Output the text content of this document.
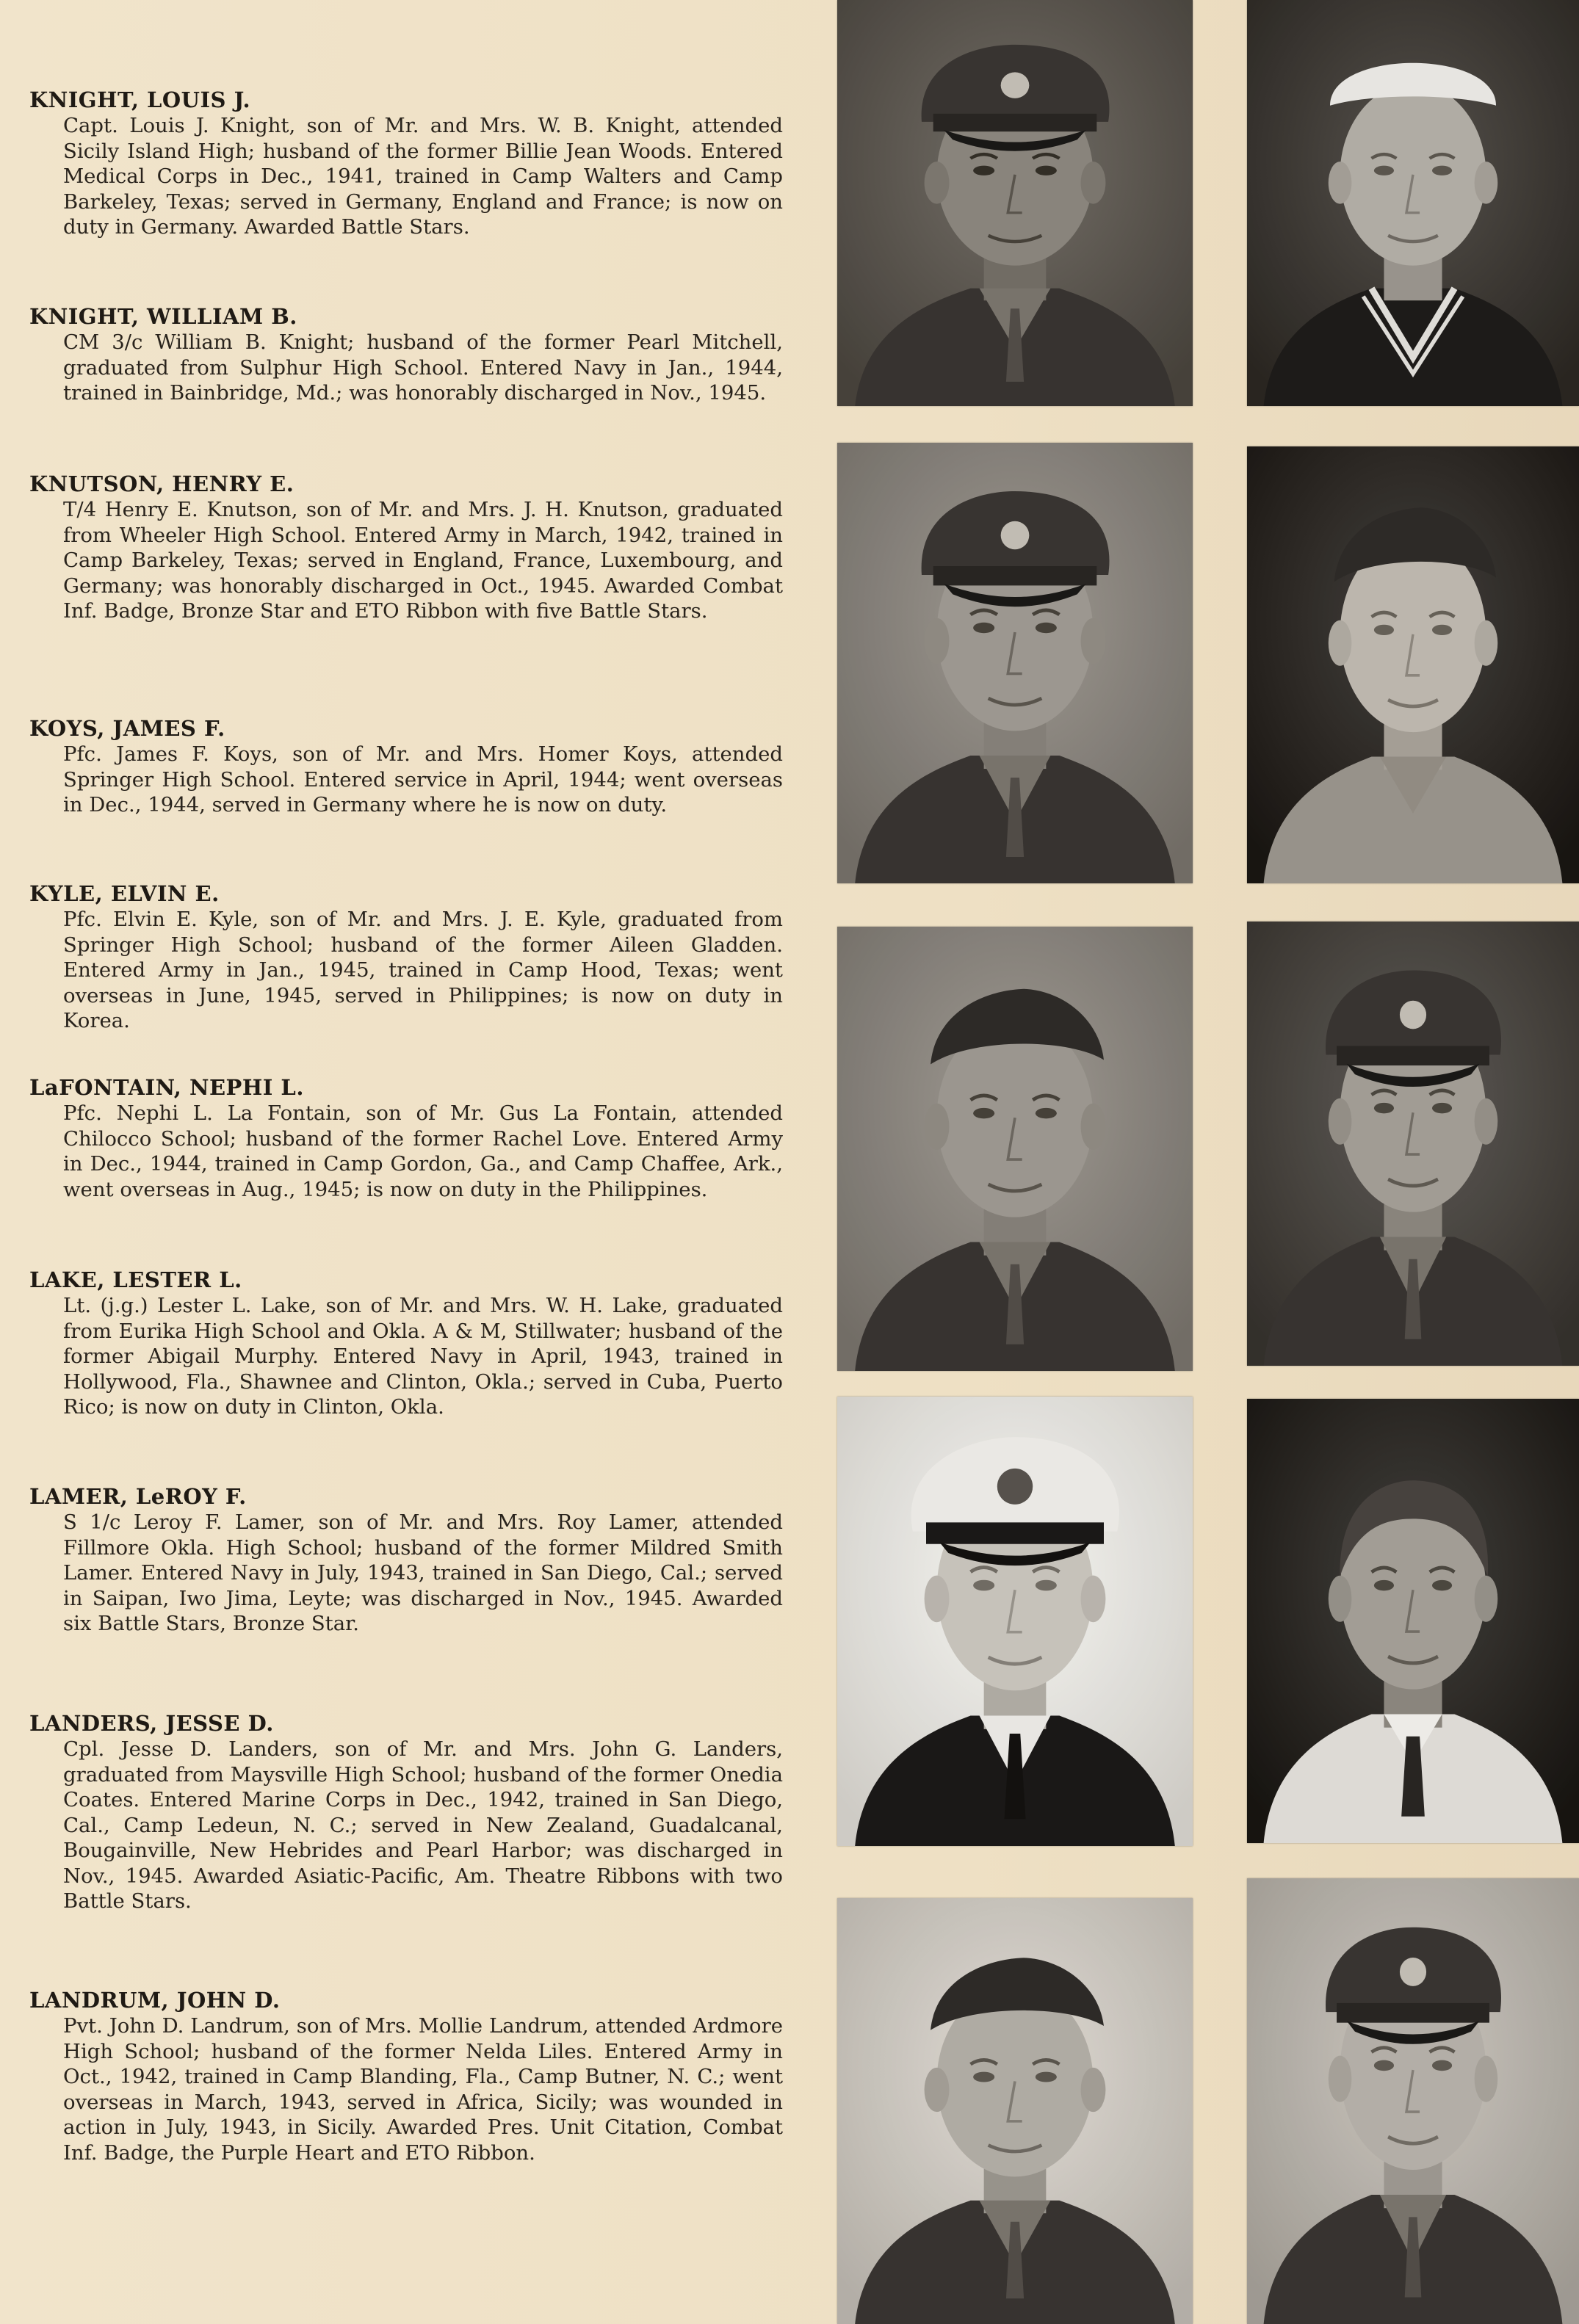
KNIGHT, LOUIS J.
Capt. Louis J. Knight, son of Mr. and Mrs. W. B. Knight, attended Sicily Island High; husband of the former Billie Jean Woods. Entered Medical Corps in Dec., 1941, trained in Camp Walters and Camp Barkeley, Texas; served in Germany, England and France; is now on duty in Germany. Awarded Battle Stars.
KNIGHT, WILLIAM B.
CM 3/c William B. Knight; husband of the former Pearl Mitchell, graduated from Sulphur High School. Entered Navy in Jan., 1944, trained in Bainbridge, Md.; was honorably discharged in Nov., 1945.
KNUTSON, HENRY E.
T/4 Henry E. Knutson, son of Mr. and Mrs. J. H. Knutson, graduated from Wheeler High School. Entered Army in March, 1942, trained in Camp Barkeley, Texas; served in England, France, Luxembourg, and Germany; was honorably discharged in Oct., 1945. Awarded Combat Inf. Badge, Bronze Star and ETO Ribbon with five Battle Stars.
KOYS, JAMES F.
Pfc. James F. Koys, son of Mr. and Mrs. Homer Koys, attended Springer High School. Entered service in April, 1944; went overseas in Dec., 1944, served in Germany where he is now on duty.
KYLE, ELVIN E.
Pfc. Elvin E. Kyle, son of Mr. and Mrs. J. E. Kyle, graduated from Springer High School; husband of the former Aileen Gladden. Entered Army in Jan., 1945, trained in Camp Hood, Texas; went overseas in June, 1945, served in Philippines; is now on duty in Korea.
LaFONTAIN, NEPHI L.
Pfc. Nephi L. La Fontain, son of Mr. Gus La Fontain, attended Chilocco School; husband of the former Rachel Love. Entered Army in Dec., 1944, trained in Camp Gordon, Ga., and Camp Chaffee, Ark., went overseas in Aug., 1945; is now on duty in the Philippines.
LAKE, LESTER L.
Lt. (j.g.) Lester L. Lake, son of Mr. and Mrs. W. H. Lake, graduated from Eurika High School and Okla. A & M, Stillwater; husband of the former Abigail Murphy. Entered Navy in April, 1943, trained in Hollywood, Fla., Shawnee and Clinton, Okla.; served in Cuba, Puerto Rico; is now on duty in Clinton, Okla.
LAMER, LeROY F.
S 1/c Leroy F. Lamer, son of Mr. and Mrs. Roy Lamer, attended Fillmore Okla. High School; husband of the former Mildred Smith Lamer. Entered Navy in July, 1943, trained in San Diego, Cal.; served in Saipan, Iwo Jima, Leyte; was discharged in Nov., 1945. Awarded six Battle Stars, Bronze Star.
LANDERS, JESSE D.
Cpl. Jesse D. Landers, son of Mr. and Mrs. John G. Landers, graduated from Maysville High School; husband of the former Onedia Coates. Entered Marine Corps in Dec., 1942, trained in San Diego, Cal., Camp Ledeun, N. C.; served in New Zealand, Guadalcanal, Bougainville, New Hebrides and Pearl Harbor; was discharged in Nov., 1945. Awarded Asiatic-Pacific, Am. Theatre Ribbons with two Battle Stars.
LANDRUM, JOHN D.
Pvt. John D. Landrum, son of Mrs. Mollie Landrum, attended Ardmore High School; husband of the former Nelda Liles. Entered Army in Oct., 1942, trained in Camp Blanding, Fla., Camp Butner, N. C.; went overseas in March, 1943, served in Africa, Sicily; was wounded in action in July, 1943, in Sicily. Awarded Pres. Unit Citation, Combat Inf. Badge, the Purple Heart and ETO Ribbon.
